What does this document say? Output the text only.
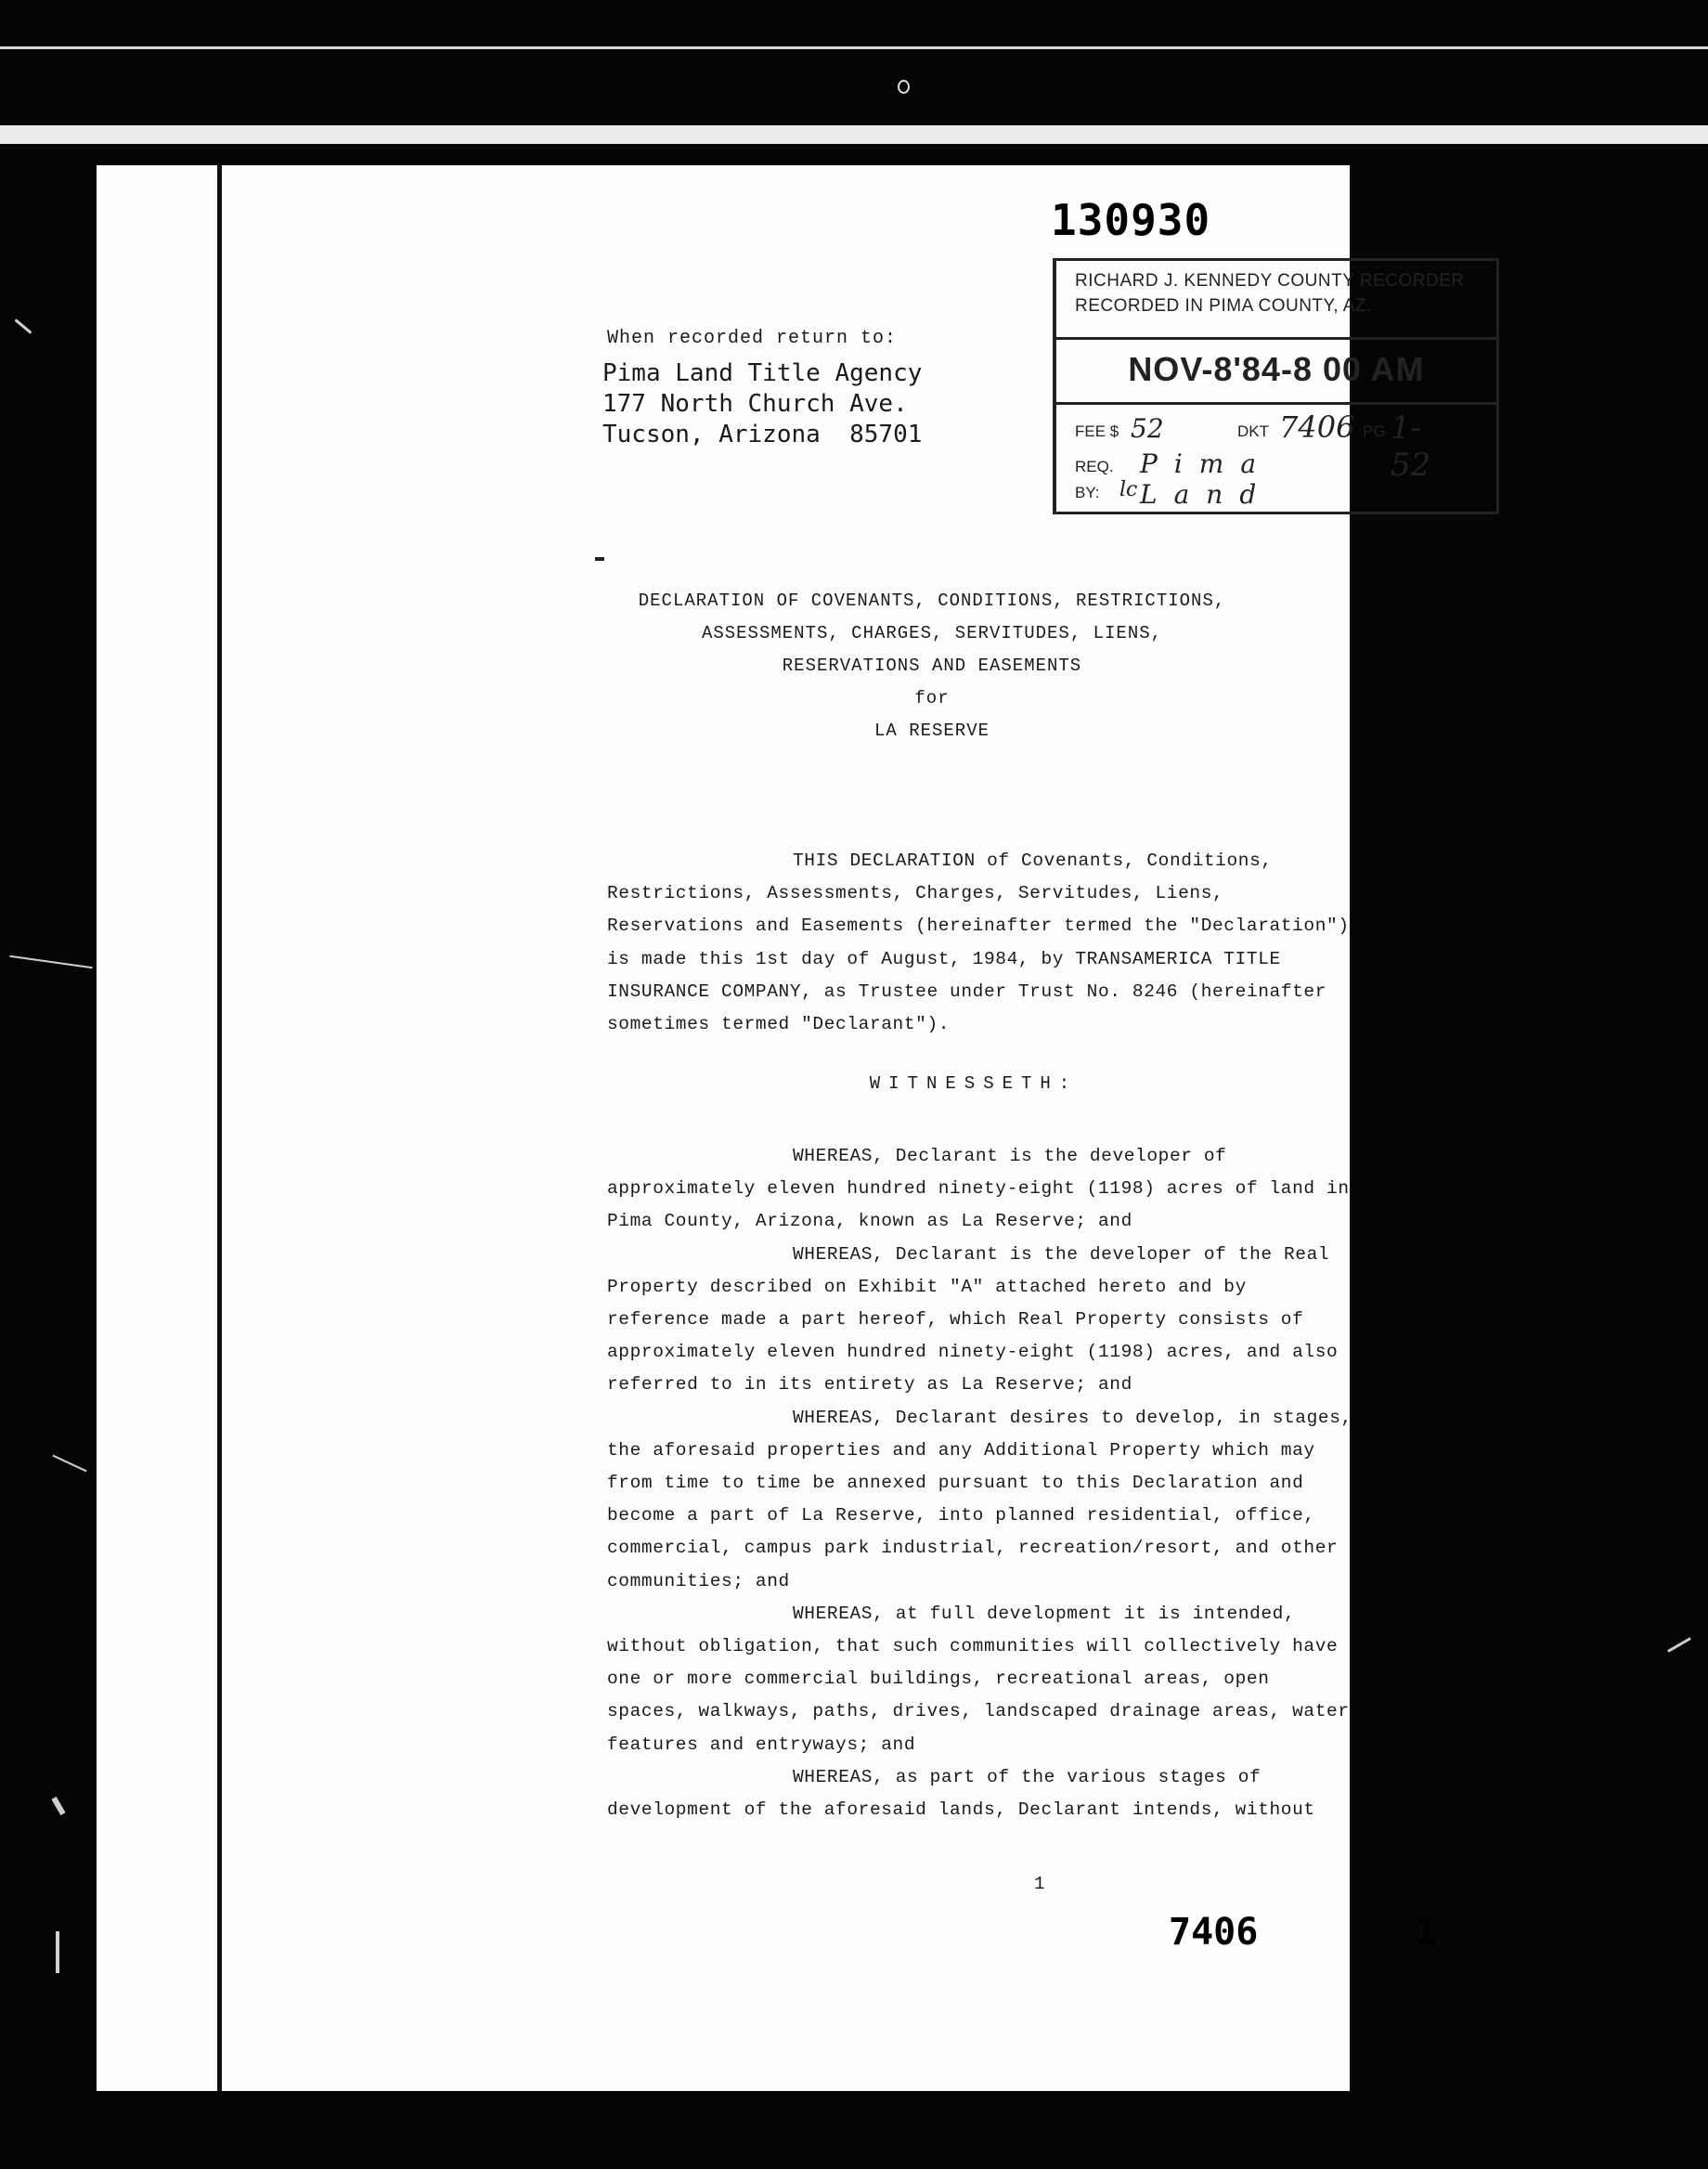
130930
RICHARD J. KENNEDY COUNTY RECORDER
RECORDED IN PIMA COUNTY, AZ.
NOV-8'84-8 00 AM
FEE $ 52	DKT 7406 PG 1-52
REQ. Pima Land
BY: lc
When recorded return to:
Pima Land Title Agency
177 North Church Ave.
Tucson, Arizona  85701
DECLARATION OF COVENANTS, CONDITIONS, RESTRICTIONS,
ASSESSMENTS, CHARGES, SERVITUDES, LIENS,
RESERVATIONS AND EASEMENTS
for
LA RESERVE

THIS DECLARATION of Covenants, Conditions,

Restrictions, Assessments, Charges, Servitudes, Liens,

Reservations and Easements (hereinafter termed the "Declaration")

is made this 1st day of August, 1984, by TRANSAMERICA TITLE

INSURANCE COMPANY, as Trustee under Trust No. 8246 (hereinafter

sometimes termed "Declarant").

WITNESSETH:

WHEREAS, Declarant is the developer of

approximately eleven hundred ninety-eight (1198) acres of land in

Pima County, Arizona, known as La Reserve; and

WHEREAS, Declarant is the developer of the Real

Property described on Exhibit "A" attached hereto and by

reference made a part hereof, which Real Property consists of

approximately eleven hundred ninety-eight (1198) acres, and also

referred to in its entirety as La Reserve; and

WHEREAS, Declarant desires to develop, in stages,

the aforesaid properties and any Additional Property which may

from time to time be annexed pursuant to this Declaration and

become a part of La Reserve, into planned residential, office,

commercial, campus park industrial, recreation/resort, and other

communities; and

WHEREAS, at full development it is intended,

without obligation, that such communities will collectively have

one or more commercial buildings, recreational areas, open

spaces, walkways, paths, drives, landscaped drainage areas, water

features and entryways; and

WHEREAS, as part of the various stages of

development of the aforesaid lands, Declarant intends, without

1
7406	1
